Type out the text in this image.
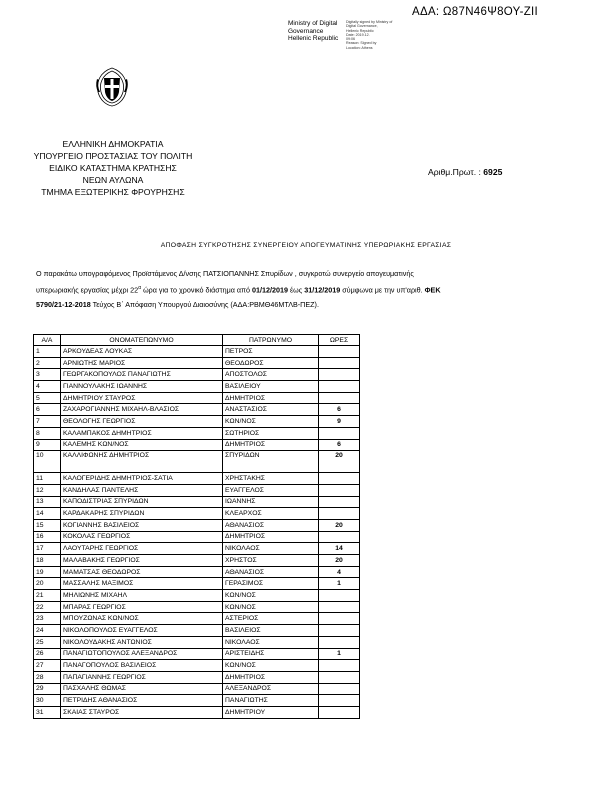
ΑΔΑ: Ω87Ν46Ψ8ΟΥ-ΖΙΙ
Ministry of Digital
Governance
Hellenic Republic
Digitally signed by Ministry of
Digital Governance,
Hellenic Republic
Date: 2019.12.
09:06
Reason: Signed by
Location: Athens
ΕΛΛΗΝΙΚΗ ΔΗΜΟΚΡΑΤΙΑ
ΥΠΟΥΡΓΕΙΟ ΠΡΟΣΤΑΣΙΑΣ ΤΟΥ ΠΟΛΙΤΗ
ΕΙΔΙΚΟ ΚΑΤΑΣΤΗΜΑ ΚΡΑΤΗΣΗΣ
ΝΕΩΝ ΑΥΛΩΝΑ
ΤΜΗΜΑ ΕΞΩΤΕΡΙΚΗΣ ΦΡΟΥΡΗΣΗΣ
Αριθμ.Πρωτ. : 6925
ΑΠΟΦΑΣΗ ΣΥΓΚΡΟΤΗΣΗΣ ΣΥΝΕΡΓΕΙΟΥ ΑΠΟΓΕΥΜΑΤΙΝΗΣ ΥΠΕΡΩΡΙΑΚΗΣ ΕΡΓΑΣΙΑΣ
Ο παρακάτω υπογραφόμενος Προϊστάμενος Δ/νσης ΠΑΤΣΙΟΠΑΝΝΗΣ Σπυρίδων , συγκροτώ συνεργείο απογευματινής
υπερωριακής εργασίας μέχρι $22^\alpha$ ώρα για το χρονικό διάστημα από 01/12/2019 έως 31/12/2019 σύμφωνα με την υπ'αριθ. ΦΕΚ
5790/21-12-2018 Τεύχος Β΄ Απόφαση Υπουργού Διαιοσύνης (ΑΔΑ:ΡΒΜΘ46ΜΤΛΒ-ΠΕΖ).
Α/Α	ΟΝΟΜΑΤΕΠΩΝΥΜΟ	ΠΑΤΡΩΝΥΜΟ	ΩΡΕΣ
1	ΑΡΚΟΥΔΕΑΣ ΛΟΥΚΑΣ	ΠΕΤΡΟΣ	
2	ΑΡΝΙΩΤΗΣ ΜΑΡΙΟΣ	ΘΕΟΔΩΡΟΣ	
3	ΓΕΩΡΓΑΚΟΠΟΥΛΟΣ ΠΑΝΑΓΙΩΤΗΣ	ΑΠΟΣΤΟΛΟΣ	
4	ΓΙΑΝΝΟΥΛΑΚΗΣ ΙΩΑΝΝΗΣ	ΒΑΣΙΛΕΙΟΥ	
5	ΔΗΜΗΤΡΙΟΥ ΣΤΑΥΡΟΣ	ΔΗΜΗΤΡΙΟΣ	
6	ΖΑΧΑΡΟΓΙΑΝΝΗΣ ΜΙΧΑΗΛ-ΒΛΑΣΙΟΣ	ΑΝΑΣΤΑΣΙΟΣ	6
7	ΘΕΟΛΟΓΗΣ ΓΕΩΡΓΙΟΣ	ΚΩΝ/ΝΟΣ	9
8	ΚΑΛΑΜΠΑΚΟΣ ΔΗΜΗΤΡΙΟΣ	ΣΩΤΗΡΙΟΣ	
9	ΚΑΛΕΜΗΣ ΚΩΝ/ΝΟΣ	ΔΗΜΗΤΡΙΟΣ	6
10	ΚΑΛΛΙΦΩΝΗΣ ΔΗΜΗΤΡΙΟΣ	ΣΠΥΡΙΔΩΝ	20
11	ΚΑΛΟΓΕΡΙΔΗΣ ΔΗΜΗΤΡΙΟΣ-ΣΑΤΙΑ	ΧΡΗΣΤΑΚΗΣ	
12	ΚΑΝΔΗΛΑΣ ΠΑΝΤΕΛΗΣ	ΕΥΑΓΓΕΛΟΣ	
13	ΚΑΠΟΔΙΣΤΡΙΑΣ ΣΠΥΡΙΔΩΝ	ΙΩΑΝΝΗΣ	
14	ΚΑΡΔΑΚΑΡΗΣ ΣΠΥΡΙΔΩΝ	ΚΛΕΑΡΧΟΣ	
15	ΚΟΓΙΑΝΝΗΣ ΒΑΣΙΛΕΙΟΣ	ΑΘΑΝΑΣΙΟΣ	20
16	ΚΟΚΟΛΑΣ ΓΕΩΡΓΙΟΣ	ΔΗΜΗΤΡΙΟΣ	
17	ΛΑΟΥΤΑΡΗΣ ΓΕΩΡΓΙΟΣ	ΝΙΚΟΛΑΟΣ	14
18	ΜΑΛΑΒΑΚΗΣ ΓΕΩΡΓΙΟΣ	ΧΡΗΣΤΟΣ	20
19	ΜΑΜΑΤΣΑΣ ΘΕΟΔΩΡΟΣ	ΑΘΑΝΑΣΙΟΣ	4
20	ΜΑΣΣΑΛΗΣ ΜΑΞΙΜΟΣ	ΓΕΡΑΣΙΜΟΣ	1
21	ΜΗΛΙΩΝΗΣ ΜΙΧΑΗΛ	ΚΩΝ/ΝΟΣ	
22	ΜΠΑΡΑΣ ΓΕΩΡΓΙΟΣ	ΚΩΝ/ΝΟΣ	
23	ΜΠΟΥΖΩΝΑΣ ΚΩΝ/ΝΟΣ	ΑΣΤΕΡΙΟΣ	
24	ΝΙΚΟΛΟΠΟΥΛΟΣ ΕΥΑΓΓΕΛΟΣ	ΒΑΣΙΛΕΙΟΣ	
25	ΝΙΚΟΛΟΥΔΑΚΗΣ ΑΝΤΩΝΙΟΣ	ΝΙΚΟΛΑΟΣ	
26	ΠΑΝΑΓΙΩΤΟΠΟΥΛΟΣ ΑΛΕΞΑΝΔΡΟΣ	ΑΡΙΣΤΕΙΔΗΣ	1
27	ΠΑΝΑΓΟΠΟΥΛΟΣ ΒΑΣΙΛΕΙΟΣ	ΚΩΝ/ΝΟΣ	
28	ΠΑΠΑΓΙΑΝΝΗΣ ΓΕΩΡΓΙΟΣ	ΔΗΜΗΤΡΙΟΣ	
29	ΠΑΣΧΑΛΗΣ ΘΩΜΑΣ	ΑΛΕΞΑΝΔΡΟΣ	
30	ΠΕΤΡΙΔΗΣ ΑΘΑΝΑΣΙΟΣ	ΠΑΝΑΓΙΩΤΗΣ	
31	ΣΚΑΙΑΣ ΣΤΑΥΡΟΣ	ΔΗΜΗΤΡΙΟΥ	
